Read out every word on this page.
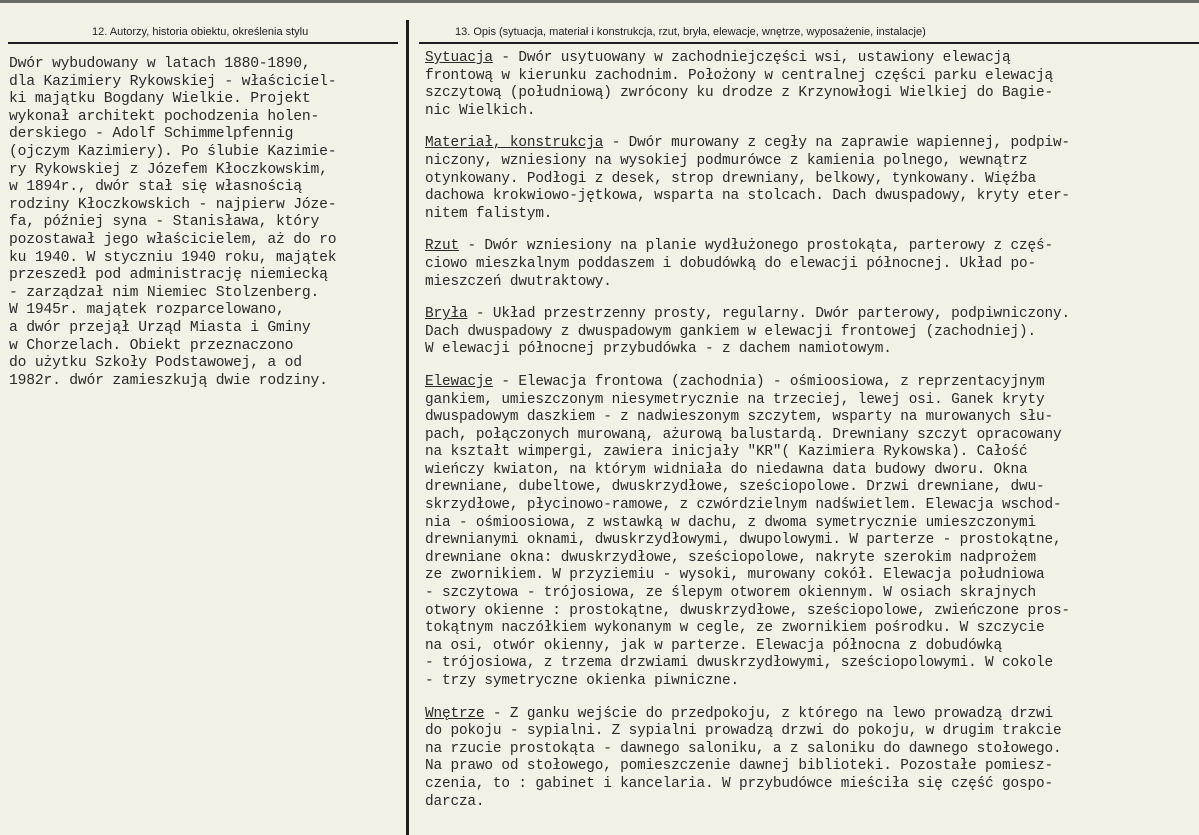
12. Autorzy, historia obiektu, określenia stylu	13. Opis (sytuacja, materiał i konstrukcja, rzut, bryła, elewacje, wnętrze, wyposażenie, instalacje)
Dwór wybudowany w latach 1880-1890,
dla Kazimiery Rykowskiej - właściciel-
ki majątku Bogdany Wielkie. Projekt
wykonał architekt pochodzenia holen-
derskiego - Adolf Schimmelpfennig
(ojczym Kazimiery). Po ślubie Kazimie-
ry Rykowskiej z Józefem Kłoczkowskim,
w 1894r., dwór stał się własnością
rodziny Kłoczkowskich - najpierw Józe-
fa, później syna - Stanisława, który
pozostawał jego właścicielem, aż do ro
ku 1940. W styczniu 1940 roku, majątek
przeszedł pod administrację niemiecką
- zarządzał nim Niemiec Stolzenberg.
W 1945r. majątek rozparcelowano,
a dwór przejął Urząd Miasta i Gminy
w Chorzelach. Obiekt przeznaczono
do użytku Szkoły Podstawowej, a od
1982r. dwór zamieszkują dwie rodziny.
Sytuacja - Dwór usytuowany w zachodniejczęści wsi, ustawiony elewacją
frontową w kierunku zachodnim. Położony w centralnej części parku elewacją
szczytową (południową) zwrócony ku drodze z Krzynowłogi Wielkiej do Bagie-
nic Wielkich.
Materiał, konstrukcja - Dwór murowany z cegły na zaprawie wapiennej, podpiw-
niczony, wzniesiony na wysokiej podmurówce z kamienia polnego, wewnątrz
otynkowany. Podłogi z desek, strop drewniany, belkowy, tynkowany. Więźba
dachowa krokwiowo-jętkowa, wsparta na stolcach. Dach dwuspadowy, kryty eter-
nitem falistym.
Rzut - Dwór wzniesiony na planie wydłużonego prostokąta, parterowy z częś-
ciowo mieszkalnym poddaszem i dobudówką do elewacji północnej. Układ po-
mieszczeń dwutraktowy.
Bryła - Układ przestrzenny prosty, regularny. Dwór parterowy, podpiwniczony.
Dach dwuspadowy z dwuspadowym gankiem w elewacji frontowej (zachodniej).
W elewacji północnej przybudówka - z dachem namiotowym.
Elewacje - Elewacja frontowa (zachodnia) - ośmioosiowa, z reprzentacyjnym
gankiem, umieszczonym niesymetrycznie na trzeciej, lewej osi. Ganek kryty
dwuspadowym daszkiem - z nadwieszonym szczytem, wsparty na murowanych słu-
pach, połączonych murowaną, ażurową balustardą. Drewniany szczyt opracowany
na kształt wimpergi, zawiera inicjały "KR"( Kazimiera Rykowska). Całość
wieńczy kwiaton, na którym widniała do niedawna data budowy dworu. Okna
drewniane, dubeltowe, dwuskrzydłowe, sześciopolowe. Drzwi drewniane, dwu-
skrzydłowe, płycinowo-ramowe, z czwórdzielnym nadświetlem. Elewacja wschod-
nia - ośmioosiowa, z wstawką w dachu, z dwoma symetrycznie umieszczonymi
drewnianymi oknami, dwuskrzydłowymi, dwupolowymi. W parterze - prostokątne,
drewniane okna: dwuskrzydłowe, sześciopolowe, nakryte szerokim nadprożem
ze zwornikiem. W przyziemiu - wysoki, murowany cokół. Elewacja południowa
- szczytowa - trójosiowa, ze ślepym otworem okiennym. W osiach skrajnych
otwory okienne : prostokątne, dwuskrzydłowe, sześciopolowe, zwieńczone pros-
tokątnym naczółkiem wykonanym w cegle, ze zwornikiem pośrodku. W szczycie
na osi, otwór okienny, jak w parterze. Elewacja północna z dobudówką
- trójosiowa, z trzema drzwiami dwuskrzydłowymi, sześciopolowymi. W cokole
- trzy symetryczne okienka piwniczne.
Wnętrze - Z ganku wejście do przedpokoju, z którego na lewo prowadzą drzwi
do pokoju - sypialni. Z sypialni prowadzą drzwi do pokoju, w drugim trakcie
na rzucie prostokąta - dawnego saloniku, a z saloniku do dawnego stołowego.
Na prawo od stołowego, pomieszczenie dawnej biblioteki. Pozostałe pomiesz-
czenia, to : gabinet i kancelaria. W przybudówce mieściła się część gospo-
darcza.
